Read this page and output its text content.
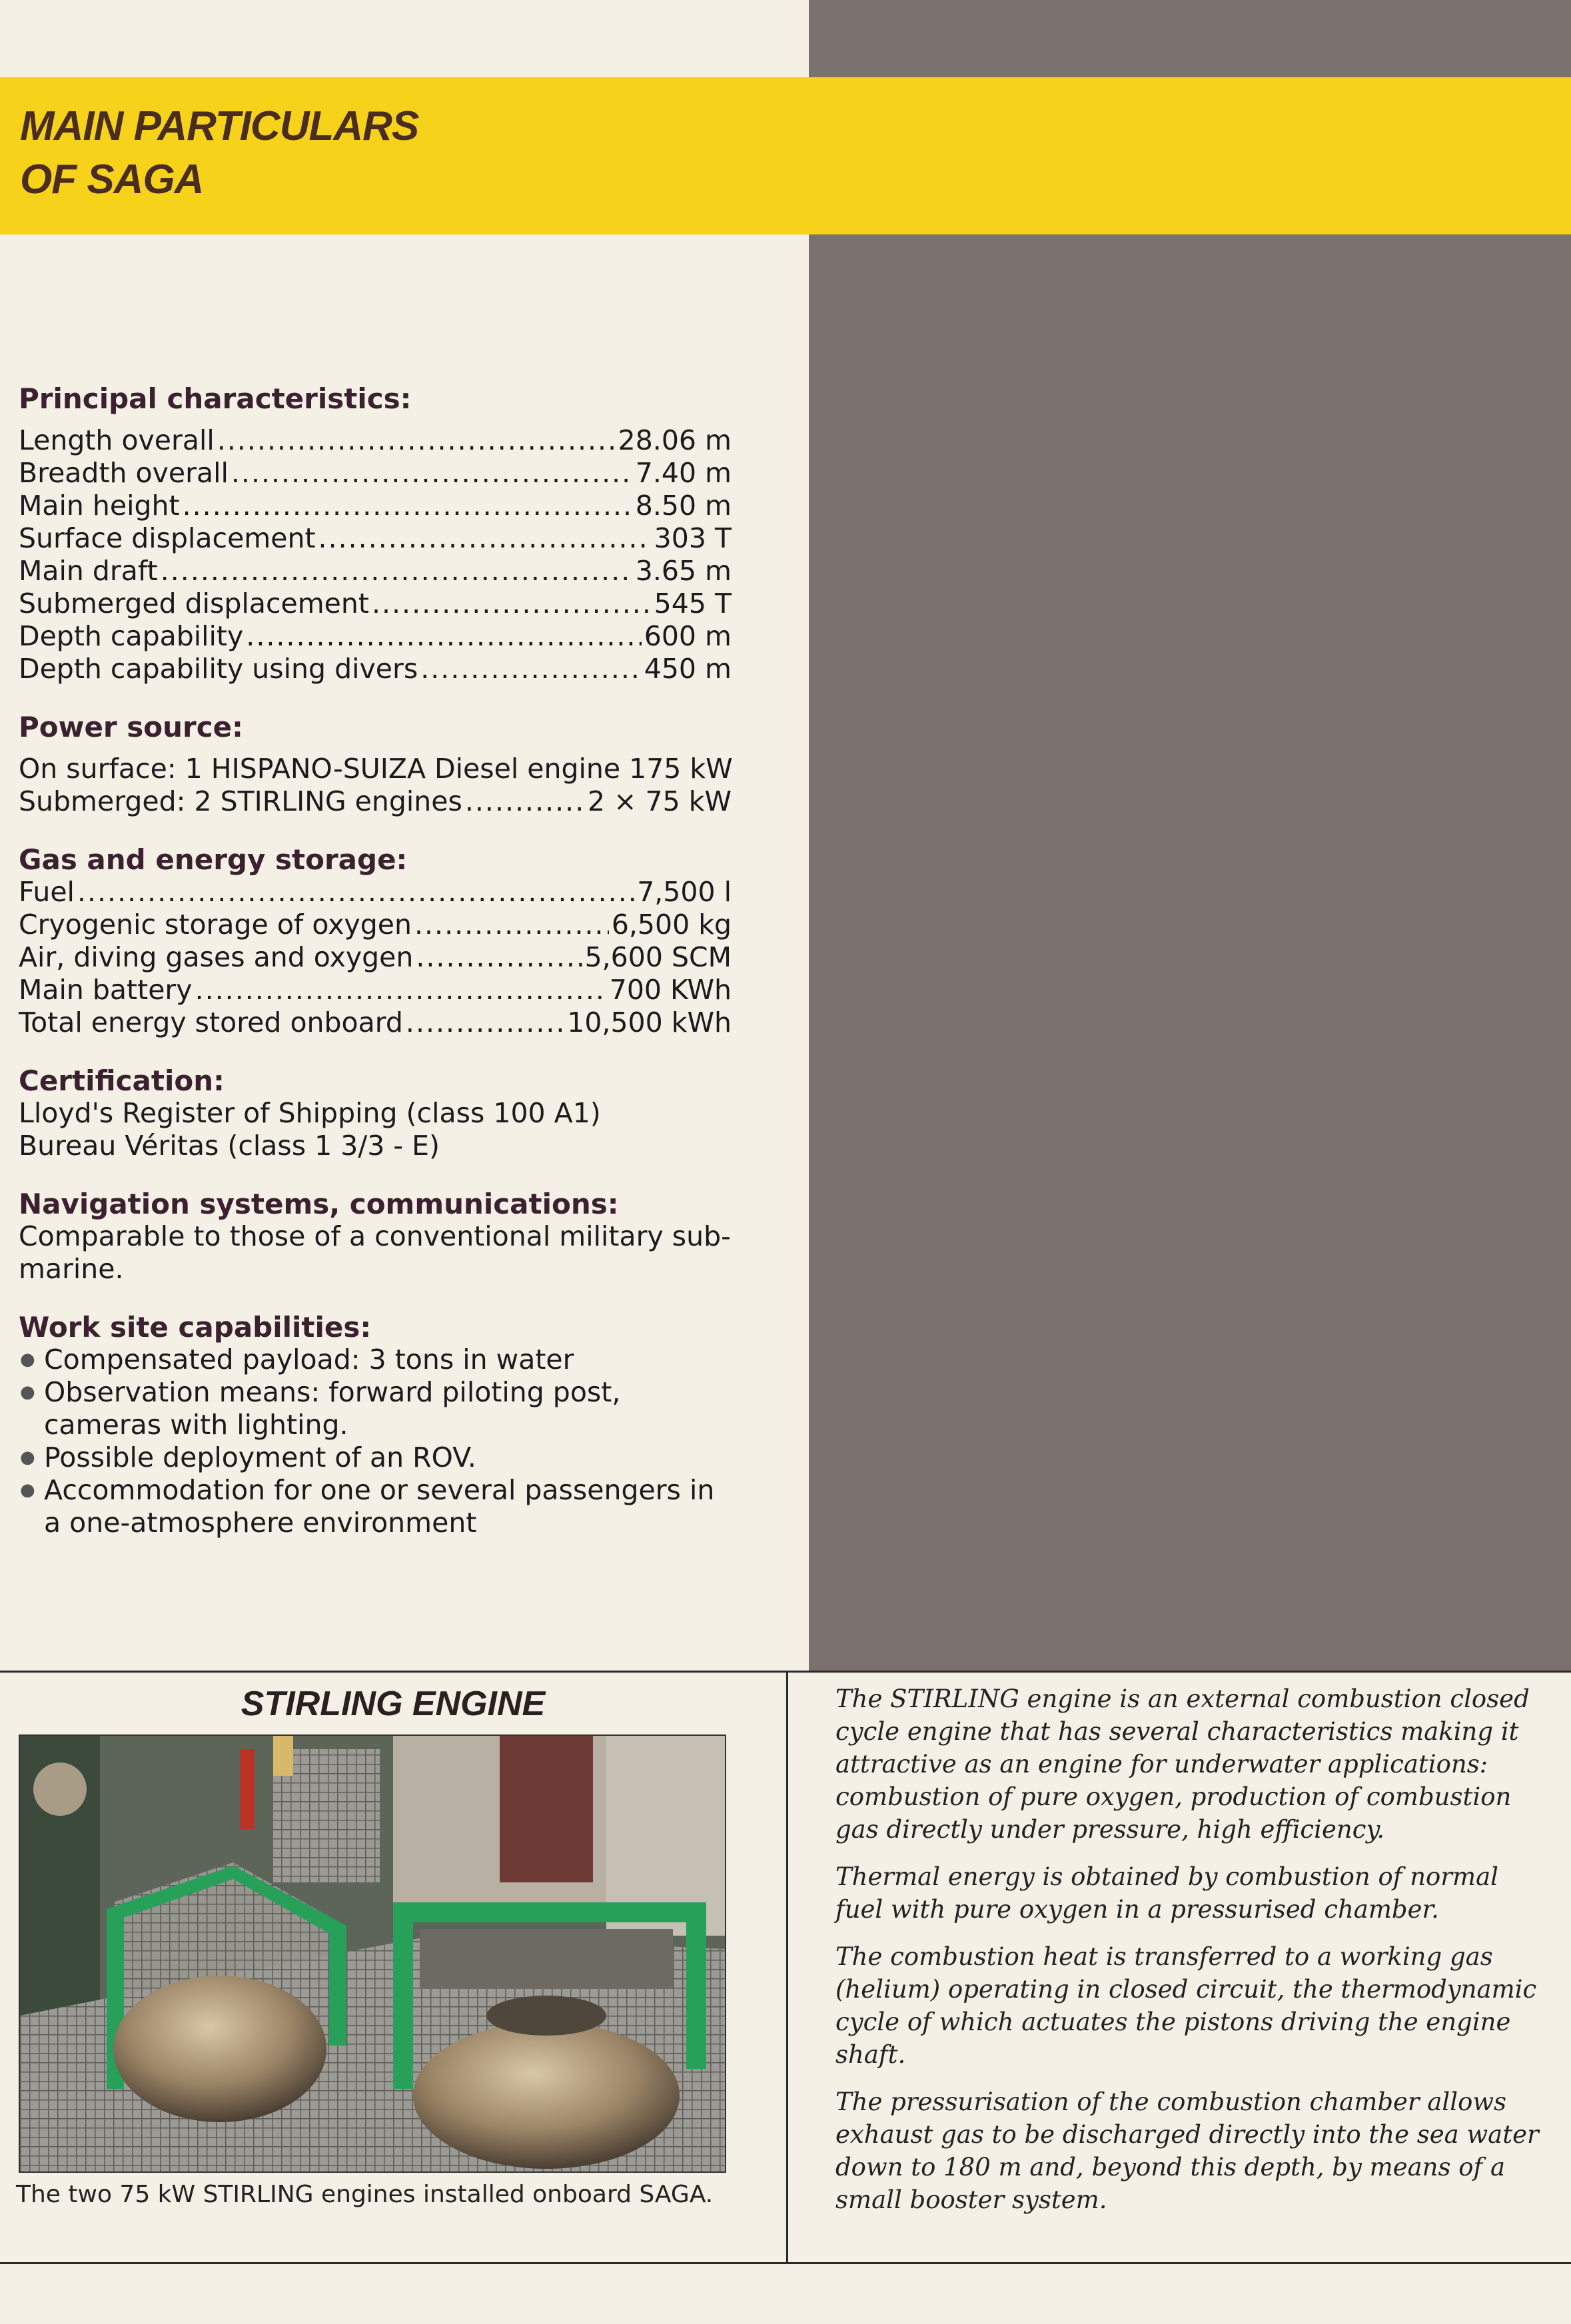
MAIN PARTICULARS
OF SAGA

Principal characteristics:

Length overall .....	28.06 m
Breadth overall .....	7.40 m
Main height .....	8.50 m
Surface displacement .....	303 T
Main draft .....	3.65 m
Submerged displacement .....	545 T
Depth capability .....	600 m
Depth capability using divers .....	450 m

Power source:

On surface: 1 HISPANO-SUIZA Diesel engine 175 kW

Submerged: 2 STIRLING engines .....	2 × 75 kW

Gas and energy storage:

Fuel .....	7,500 l
Cryogenic storage of oxygen .....	6,500 kg
Air, diving gases and oxygen .....	5,600 SCM
Main battery .....	700 KWh
Total energy stored onboard .....	10,500 kWh

Certification:

Lloyd's Register of Shipping (class 100 A1)

Bureau Véritas (class 1 3/3 - E)

Navigation systems, communications:

Comparable to those of a conventional military sub-marine.

Work site capabilities:

● Compensated payload: 3 tons in water
● Observation means: forward piloting post, cameras with lighting.
● Possible deployment of an ROV.
● Accommodation for one or several passengers in a one-atmosphere environment
STIRLING ENGINE

The two 75 kW STIRLING engines installed onboard SAGA.

The STIRLING engine is an external combustion closed cycle engine that has several characteristics making it attractive as an engine for underwater applications: combustion of pure oxygen, production of combustion gas directly under pressure, high efficiency.

Thermal energy is obtained by combustion of normal fuel with pure oxygen in a pressurised chamber.

The combustion heat is transferred to a working gas (helium) operating in closed circuit, the thermodynamic cycle of which actuates the pistons driving the engine shaft.

The pressurisation of the combustion chamber allows exhaust gas to be discharged directly into the sea water down to 180 m and, beyond this depth, by means of a small booster system.
